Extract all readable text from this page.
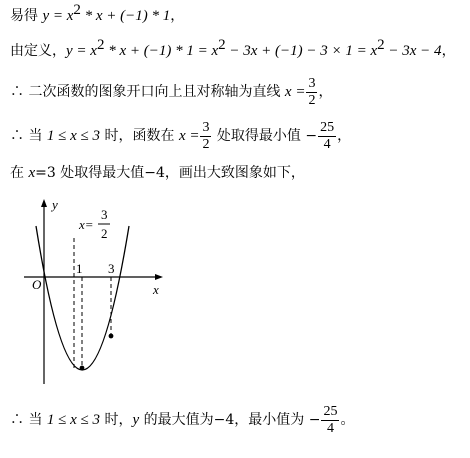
易得 $y = x^2 * x + (-1) * 1$，
由定义，$y = x^2 * x + (-1) * 1 = x^2 - 3x + (-1) - 3 \times 1 = x^2 - 3x - 4$，
∴ 二次函数的图象开口向上且对称轴为直线 $x = \frac{3}{2}$ ，
∴ 当 1 ≤ x ≤ 3 时，函数在 $x = \frac{3}{2}$ 处取得最小值 − $\frac{25}{4}$ ，
在 x=3 处取得最大值−4，画出大致图象如下，
y
x
O
1 3
x=
3
2
∴ 当 1 ≤ x ≤ 3 时，y 的最大值为−4，最小值为 − $\frac{25}{4}$ 。
